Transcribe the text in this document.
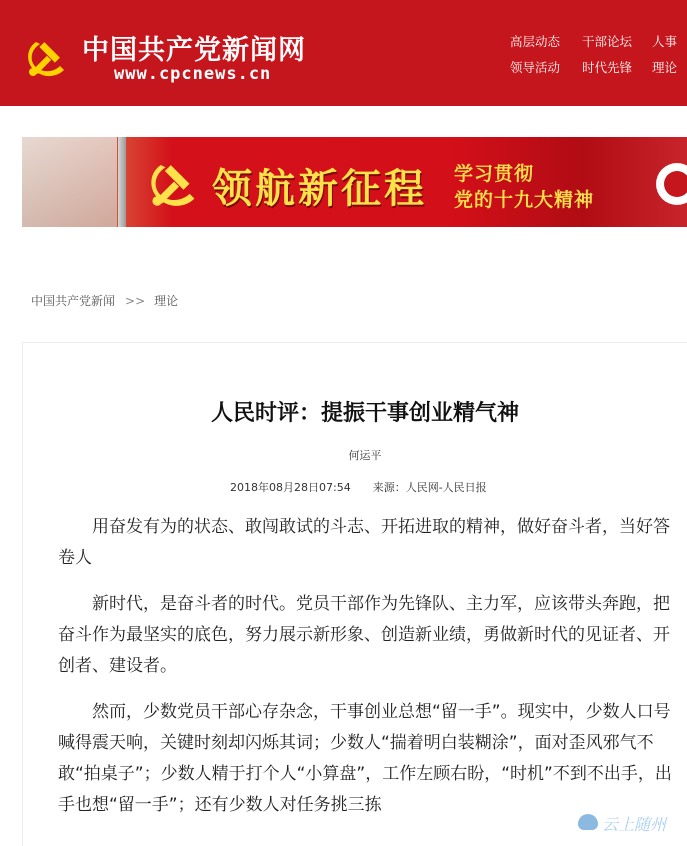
中国共产党新闻网
www.cpcnews.cn
高层动态	干部论坛	人事
领导活动	时代先锋	理论
领航新征程 学习贯彻
党的十九大精神
中国共产党新闻 >> 理论
人民时评：提振干事创业精气神
何运平
2018年08月28日07:54 来源：人民网-人民日报

用奋发有为的状态、敢闯敢试的斗志、开拓进取的精神，做好奋斗者，当好答卷人

新时代，是奋斗者的时代。党员干部作为先锋队、主力军，应该带头奔跑，把奋斗作为最坚实的底色，努力展示新形象、创造新业绩，勇做新时代的见证者、开创者、建设者。

然而，少数党员干部心存杂念，干事创业总想“留一手”。现实中，少数人口号喊得震天响，关键时刻却闪烁其词；少数人“揣着明白装糊涂”，面对歪风邪气不敢“拍桌子”；少数人精于打个人“小算盘”，工作左顾右盼，“时机”不到不出手，出手也想“留一手”；还有少数人对任务挑三拣

云上随州
